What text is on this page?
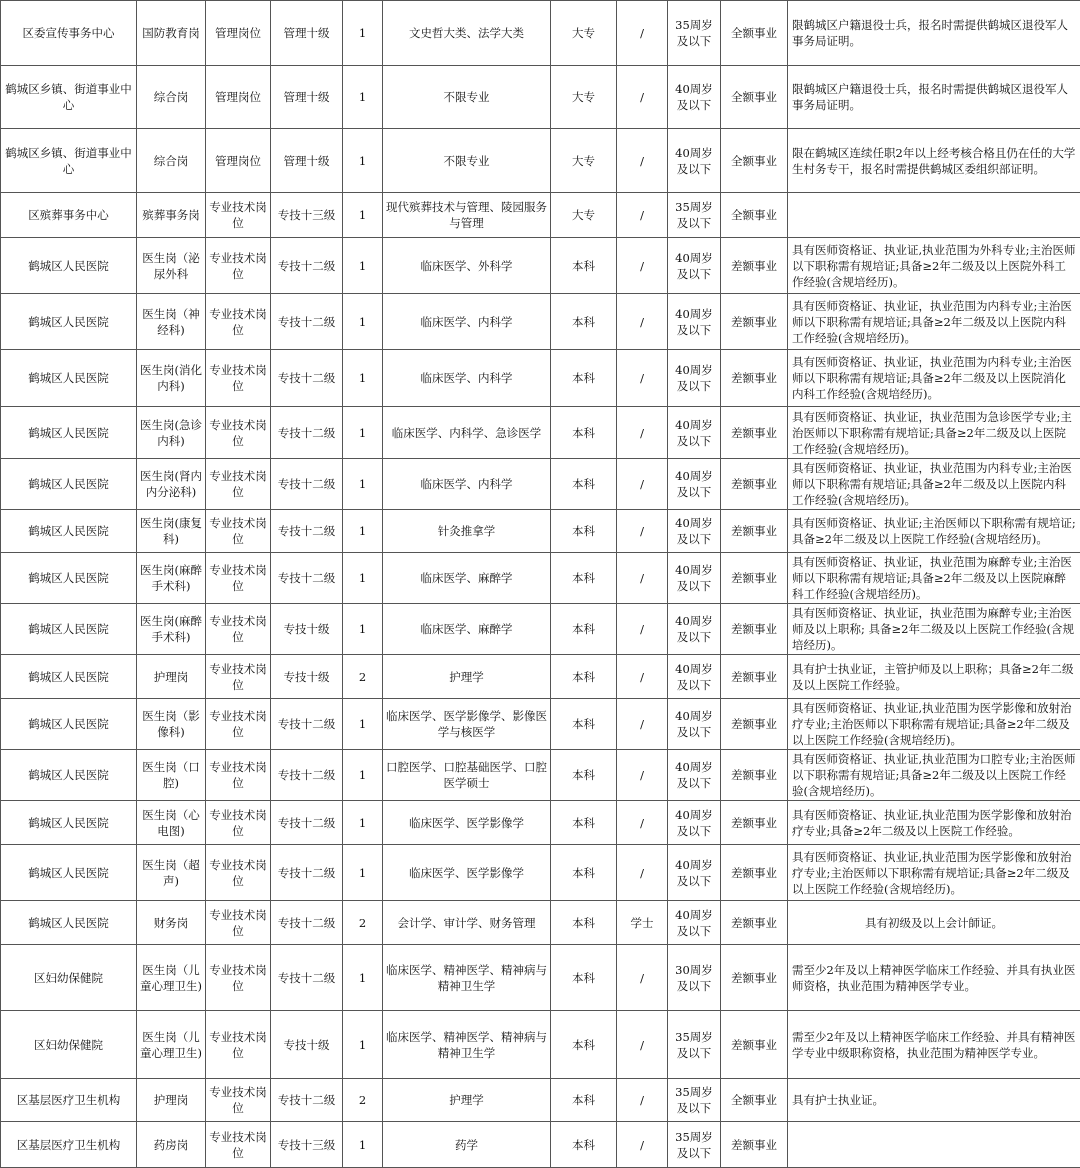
区委宣传事务中心	国防教育岗	管理岗位	管理十级	1	文史哲大类、法学大类	大专	/	35周岁及以下	全额事业	限鹤城区户籍退役士兵，报名时需提供鹤城区退役军人事务局证明。
鹤城区乡镇、街道事业中心	综合岗	管理岗位	管理十级	1	不限专业	大专	/	40周岁及以下	全额事业	限鹤城区户籍退役士兵，报名时需提供鹤城区退役军人事务局证明。
鹤城区乡镇、街道事业中心	综合岗	管理岗位	管理十级	1	不限专业	大专	/	40周岁及以下	全额事业	限在鹤城区连续任职2年以上经考核合格且仍在任的大学生村务专干，报名时需提供鹤城区委组织部证明。
区殡葬事务中心	殡葬事务岗	专业技术岗位	专技十三级	1	现代殡葬技术与管理、陵园服务与管理	大专	/	35周岁及以下	全额事业	
鹤城区人民医院	医生岗（泌尿外科	专业技术岗位	专技十二级	1	临床医学、外科学	本科	/	40周岁及以下	差额事业	具有医师资格证、执业证,执业范围为外科专业;主治医师以下职称需有规培证;具备≥2年二级及以上医院外科工作经验(含规培经历)。
鹤城区人民医院	医生岗（神经科)	专业技术岗位	专技十二级	1	临床医学、内科学	本科	/	40周岁及以下	差额事业	具有医师资格证、执业证，执业范围为内科专业;主治医师以下职称需有规培证;具备≥2年二级及以上医院内科工作经验(含规培经历)。
鹤城区人民医院	医生岗(消化内科)	专业技术岗位	专技十二级	1	临床医学、内科学	本科	/	40周岁及以下	差额事业	具有医师资格证、执业证，执业范围为内科专业;主治医师以下职称需有规培证;具备≥2年二级及以上医院消化内科工作经验(含规培经历)。
鹤城区人民医院	医生岗(急诊内科)	专业技术岗位	专技十二级	1	临床医学、内科学、急诊医学	本科	/	40周岁及以下	差额事业	具有医师资格证、执业证，执业范围为急诊医学专业;主治医师以下职称需有规培证;具备≥2年二级及以上医院工作经验(含规培经历)。
鹤城区人民医院	医生岗(肾内内分泌科)	专业技术岗位	专技十二级	1	临床医学、内科学	本科	/	40周岁及以下	差额事业	具有医师资格证、执业证，执业范围为内科专业;主治医师以下职称需有规培证;具备≥2年二级及以上医院内科工作经验(含规培经历)。
鹤城区人民医院	医生岗(康复科)	专业技术岗位	专技十二级	1	针灸推拿学	本科	/	40周岁及以下	差额事业	具有医师资格证、执业证;主治医师以下职称需有规培证;具备≥2年二级及以上医院工作经验(含规培经历)。
鹤城区人民医院	医生岗(麻醉手术科)	专业技术岗位	专技十二级	1	临床医学、麻醉学	本科	/	40周岁及以下	差额事业	具有医师资格证、执业证，执业范围为麻醉专业;主治医师以下职称需有规培证;具备≥2年二级及以上医院麻醉科工作经验(含规培经历)。
鹤城区人民医院	医生岗(麻醉手术科)	专业技术岗位	专技十级	1	临床医学、麻醉学	本科	/	40周岁及以下	差额事业	具有医师资格证、执业证，执业范围为麻醉专业;主治医师及以上职称; 具备≥2年二级及以上医院工作经验(含规培经历)。
鹤城区人民医院	护理岗	专业技术岗位	专技十级	2	护理学	本科	/	40周岁及以下	差额事业	具有护士执业证，主管护师及以上职称；具备≥2年二级及以上医院工作经验。
鹤城区人民医院	医生岗（影像科)	专业技术岗位	专技十二级	1	临床医学、医学影像学、影像医学与核医学	本科	/	40周岁及以下	差额事业	具有医师资格证、执业证,执业范围为医学影像和放射治疗专业;主治医师以下职称需有规培证;具备≥2年二级及以上医院工作经验(含规培经历)。
鹤城区人民医院	医生岗（口腔)	专业技术岗位	专技十二级	1	口腔医学、口腔基础医学、口腔医学硕士	本科	/	40周岁及以下	差额事业	具有医师资格证、执业证,执业范围为口腔专业;主治医师以下职称需有规培证;具备≥2年二级及以上医院工作经验(含规培经历)。
鹤城区人民医院	医生岗（心电图)	专业技术岗位	专技十二级	1	临床医学、医学影像学	本科	/	40周岁及以下	差额事业	具有医师资格证、执业证,执业范围为医学影像和放射治疗专业;具备≥2年二级及以上医院工作经验。
鹤城区人民医院	医生岗（超声)	专业技术岗位	专技十二级	1	临床医学、医学影像学	本科	/	40周岁及以下	差额事业	具有医师资格证、执业证,执业范围为医学影像和放射治疗专业;主治医师以下职称需有规培证;具备≥2年二级及以上医院工作经验(含规培经历)。
鹤城区人民医院	财务岗	专业技术岗位	专技十二级	2	会计学、审计学、财务管理	本科	学士	40周岁及以下	差额事业	具有初级及以上会计師证。
区妇幼保健院	医生岗（儿童心理卫生)	专业技术岗位	专技十二级	1	临床医学、精神医学、精神病与精神卫生学	本科	/	30周岁及以下	差额事业	需至少2年及以上精神医学临床工作经验、并具有执业医师资格，执业范围为精神医学专业。
区妇幼保健院	医生岗（儿童心理卫生)	专业技术岗位	专技十级	1	临床医学、精神医学、精神病与精神卫生学	本科	/	35周岁及以下	差额事业	需至少2年及以上精神医学临床工作经验、并具有精神医学专业中级职称资格，执业范围为精神医学专业。
区基层医疗卫生机构	护理岗	专业技术岗位	专技十二级	2	护理学	本科	/	35周岁及以下	全额事业	具有护士执业证。
区基层医疗卫生机构	药房岗	专业技术岗位	专技十三级	1	药学	本科	/	35周岁及以下	差额事业	
